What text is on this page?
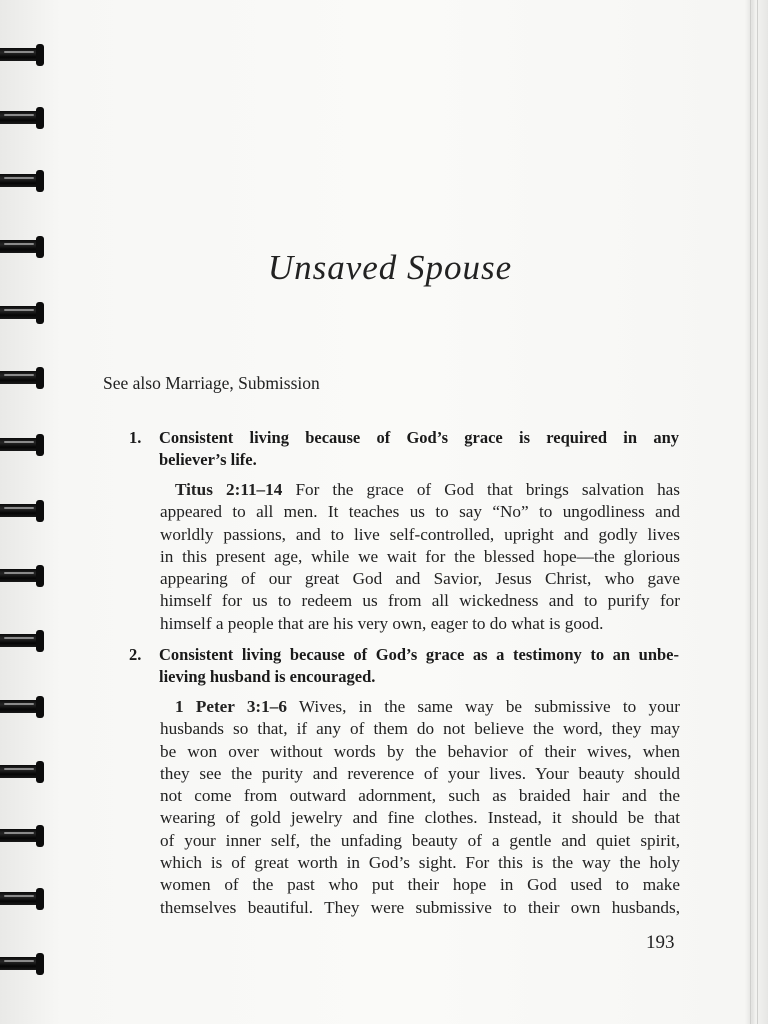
Unsaved Spouse
See also Marriage, Submission
1. Consistent living because of God’s grace is required in any
believer’s life.
Titus 2:11–14 For the grace of God that brings salvation has
appeared to all men. It teaches us to say “No” to ungodliness and
worldly passions, and to live self-controlled, upright and godly lives
in this present age, while we wait for the blessed hope—the glorious
appearing of our great God and Savior, Jesus Christ, who gave
himself for us to redeem us from all wickedness and to purify for
himself a people that are his very own, eager to do what is good.
2. Consistent living because of God’s grace as a testimony to an unbe-
lieving husband is encouraged.
1 Peter 3:1–6 Wives, in the same way be submissive to your
husbands so that, if any of them do not believe the word, they may
be won over without words by the behavior of their wives, when
they see the purity and reverence of your lives. Your beauty should
not come from outward adornment, such as braided hair and the
wearing of gold jewelry and fine clothes. Instead, it should be that
of your inner self, the unfading beauty of a gentle and quiet spirit,
which is of great worth in God’s sight. For this is the way the holy
women of the past who put their hope in God used to make
themselves beautiful. They were submissive to their own husbands,
193
